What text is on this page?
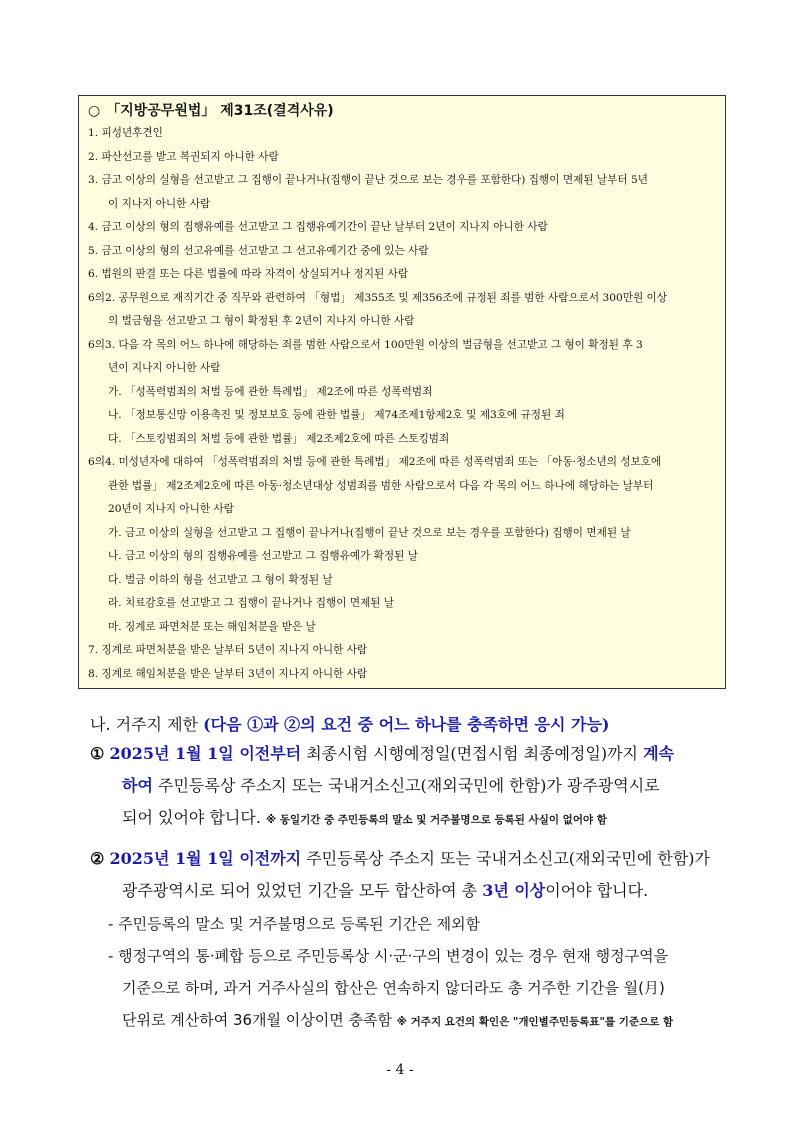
○ 「지방공무원법」 제31조(결격사유)
1. 피성년후견인
2. 파산선고를 받고 복권되지 아니한 사람
3. 금고 이상의 실형을 선고받고 그 집행이 끝나거나(집행이 끝난 것으로 보는 경우를 포함한다) 집행이 면제된 날부터 5년
이 지나지 아니한 사람
4. 금고 이상의 형의 집행유예를 선고받고 그 집행유예기간이 끝난 날부터 2년이 지나지 아니한 사람
5. 금고 이상의 형의 선고유예를 선고받고 그 선고유예기간 중에 있는 사람
6. 법원의 판결 또는 다른 법률에 따라 자격이 상실되거나 정지된 사람
6의2. 공무원으로 재직기간 중 직무와 관련하여 「형법」 제355조 및 제356조에 규정된 죄를 범한 사람으로서 300만원 이상
의 벌금형을 선고받고 그 형이 확정된 후 2년이 지나지 아니한 사람
6의3. 다음 각 목의 어느 하나에 해당하는 죄를 범한 사람으로서 100만원 이상의 벌금형을 선고받고 그 형이 확정된 후 3
년이 지나지 아니한 사람
가. 「성폭력범죄의 처벌 등에 관한 특례법」 제2조에 따른 성폭력범죄
나. 「정보통신망 이용촉진 및 정보보호 등에 관한 법률」 제74조제1항제2호 및 제3호에 규정된 죄
다. 「스토킹범죄의 처벌 등에 관한 법률」 제2조제2호에 따른 스토킹범죄
6의4. 미성년자에 대하여 「성폭력범죄의 처벌 등에 관한 특례법」 제2조에 따른 성폭력범죄 또는 「아동·청소년의 성보호에
관한 법률」 제2조제2호에 따른 아동·청소년대상 성범죄를 범한 사람으로서 다음 각 목의 어느 하나에 해당하는 날부터
20년이 지나지 아니한 사람
가. 금고 이상의 실형을 선고받고 그 집행이 끝나거나(집행이 끝난 것으로 보는 경우를 포함한다) 집행이 면제된 날
나. 금고 이상의 형의 집행유예를 선고받고 그 집행유예가 확정된 날
다. 벌금 이하의 형을 선고받고 그 형이 확정된 날
라. 치료감호를 선고받고 그 집행이 끝나거나 집행이 면제된 날
마. 징계로 파면처분 또는 해임처분을 받은 날
7. 징계로 파면처분을 받은 날부터 5년이 지나지 아니한 사람
8. 징계로 해임처분을 받은 날부터 3년이 지나지 아니한 사람
나. 거주지 제한 (다음 ①과 ②의 요건 중 어느 하나를 충족하면 응시 가능)
① 2025년 1월 1일 이전부터 최종시험 시행예정일(면접시험 최종예정일)까지 계속
하여 주민등록상 주소지 또는 국내거소신고(재외국민에 한함)가 광주광역시로
되어 있어야 합니다. ※ 동일기간 중 주민등록의 말소 및 거주불명으로 등록된 사실이 없어야 함
② 2025년 1월 1일 이전까지 주민등록상 주소지 또는 국내거소신고(재외국민에 한함)가
광주광역시로 되어 있었던 기간을 모두 합산하여 총 3년 이상이어야 합니다.
- 주민등록의 말소 및 거주불명으로 등록된 기간은 제외함
- 행정구역의 통·폐합 등으로 주민등록상 시·군·구의 변경이 있는 경우 현재 행정구역을
기준으로 하며, 과거 거주사실의 합산은 연속하지 않더라도 총 거주한 기간을 월(月)
단위로 계산하여 36개월 이상이면 충족함 ※ 거주지 요건의 확인은 "개인별주민등록표"를 기준으로 함
- 4 -
